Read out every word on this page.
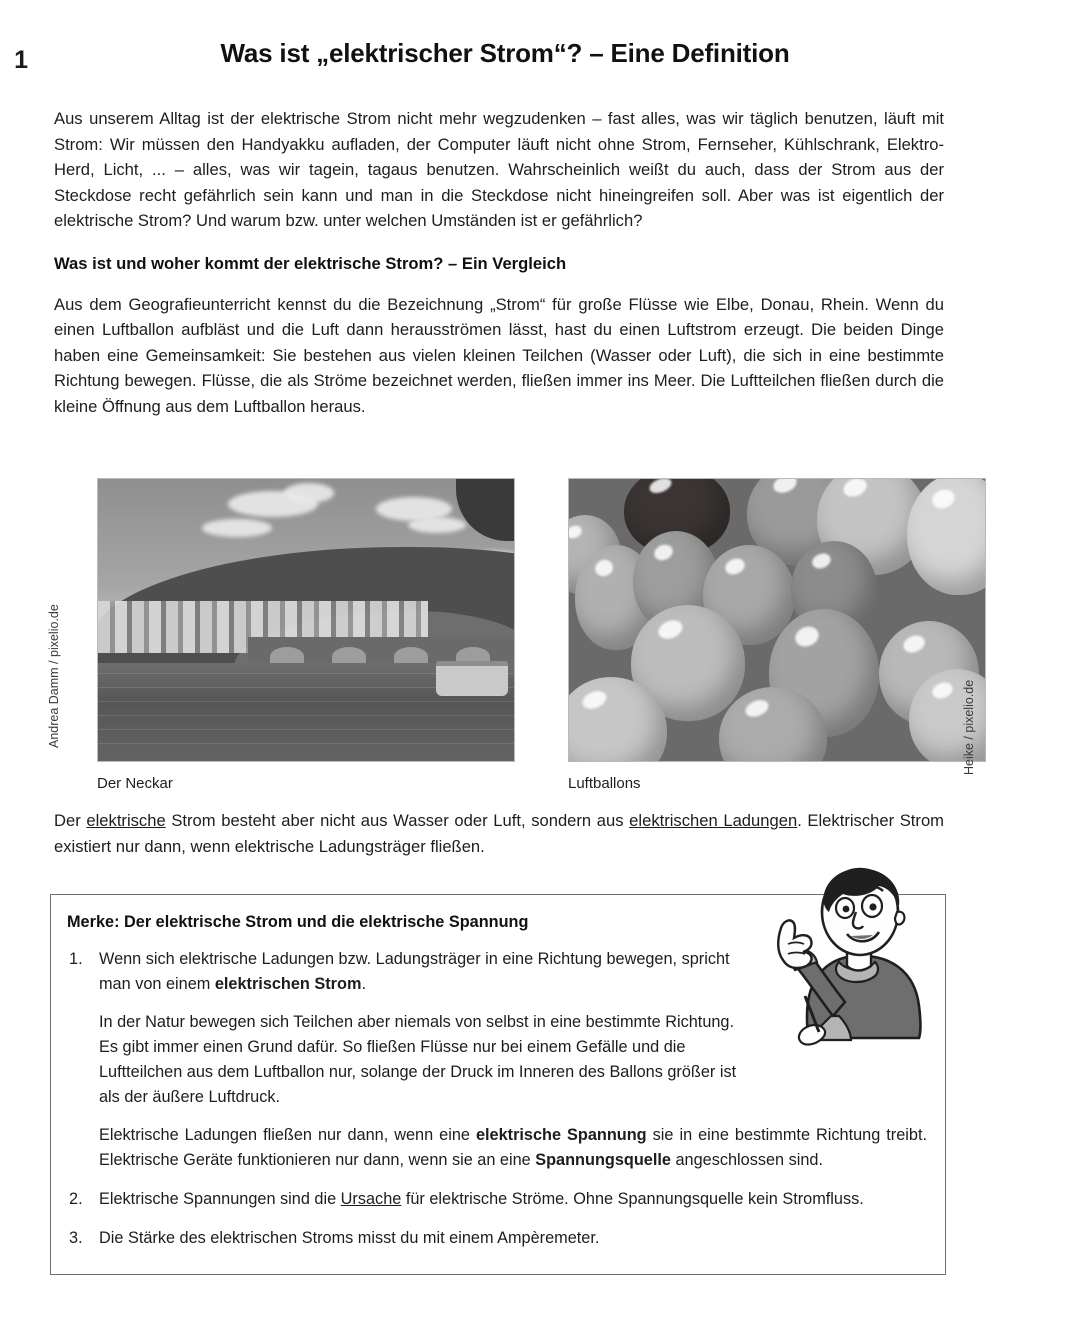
1	Was ist „elektrischer Strom“? – Eine Definition

Aus unserem Alltag ist der elektrische Strom nicht mehr wegzudenken – fast alles, was wir täglich benutzen, läuft mit Strom: Wir müssen den Handyakku aufladen, der Computer läuft nicht ohne Strom, Fernseher, Kühlschrank, Elektro-Herd, Licht, ... – alles, was wir tagein, tagaus benutzen. Wahrscheinlich weißt du auch, dass der Strom aus der Steckdose recht gefährlich sein kann und man in die Steckdose nicht hineingreifen soll. Aber was ist eigentlich der elektrische Strom? Und warum bzw. unter welchen Umständen ist er gefährlich?

Was ist und woher kommt der elektrische Strom? – Ein Vergleich

Aus dem Geografieunterricht kennst du die Bezeichnung „Strom“ für große Flüsse wie Elbe, Donau, Rhein. Wenn du einen Luftballon aufbläst und die Luft dann herausströmen lässt, hast du einen Luftstrom erzeugt. Die beiden Dinge haben eine Gemeinsamkeit: Sie bestehen aus vielen kleinen Teilchen (Wasser oder Luft), die sich in eine bestimmte Richtung bewegen. Flüsse, die als Ströme bezeichnet werden, fließen immer ins Meer. Die Luftteilchen fließen durch die kleine Öffnung aus dem Luftballon heraus.

Der Neckar	Luftballons
Andrea Damm / pixelio.de	Heike / pixelio.de

Der elektrische Strom besteht aber nicht aus Wasser oder Luft, sondern aus elektrischen Ladungen. Elektrischer Strom existiert nur dann, wenn elektrische Ladungsträger fließen.

Merke: Der elektrische Strom und die elektrische Spannung

Wenn sich elektrische Ladungen bzw. Ladungsträger in eine Richtung bewegen, spricht man von einem elektrischen Strom.

In der Natur bewegen sich Teilchen aber niemals von selbst in eine bestimmte Richtung. Es gibt immer einen Grund dafür. So fließen Flüsse nur bei einem Gefälle und die Luftteilchen aus dem Luftballon nur, solange der Druck im Inneren des Ballons größer ist als der äußere Luftdruck.

Elektrische Ladungen fließen nur dann, wenn eine elektrische Spannung sie in eine bestimmte Richtung treibt. Elektrische Geräte funktionieren nur dann, wenn sie an eine Spannungsquelle angeschlossen sind.

Elektrische Spannungen sind die Ursache für elektrische Ströme. Ohne Spannungsquelle kein Stromfluss.

Die Stärke des elektrischen Stroms misst du mit einem Ampèremeter.
